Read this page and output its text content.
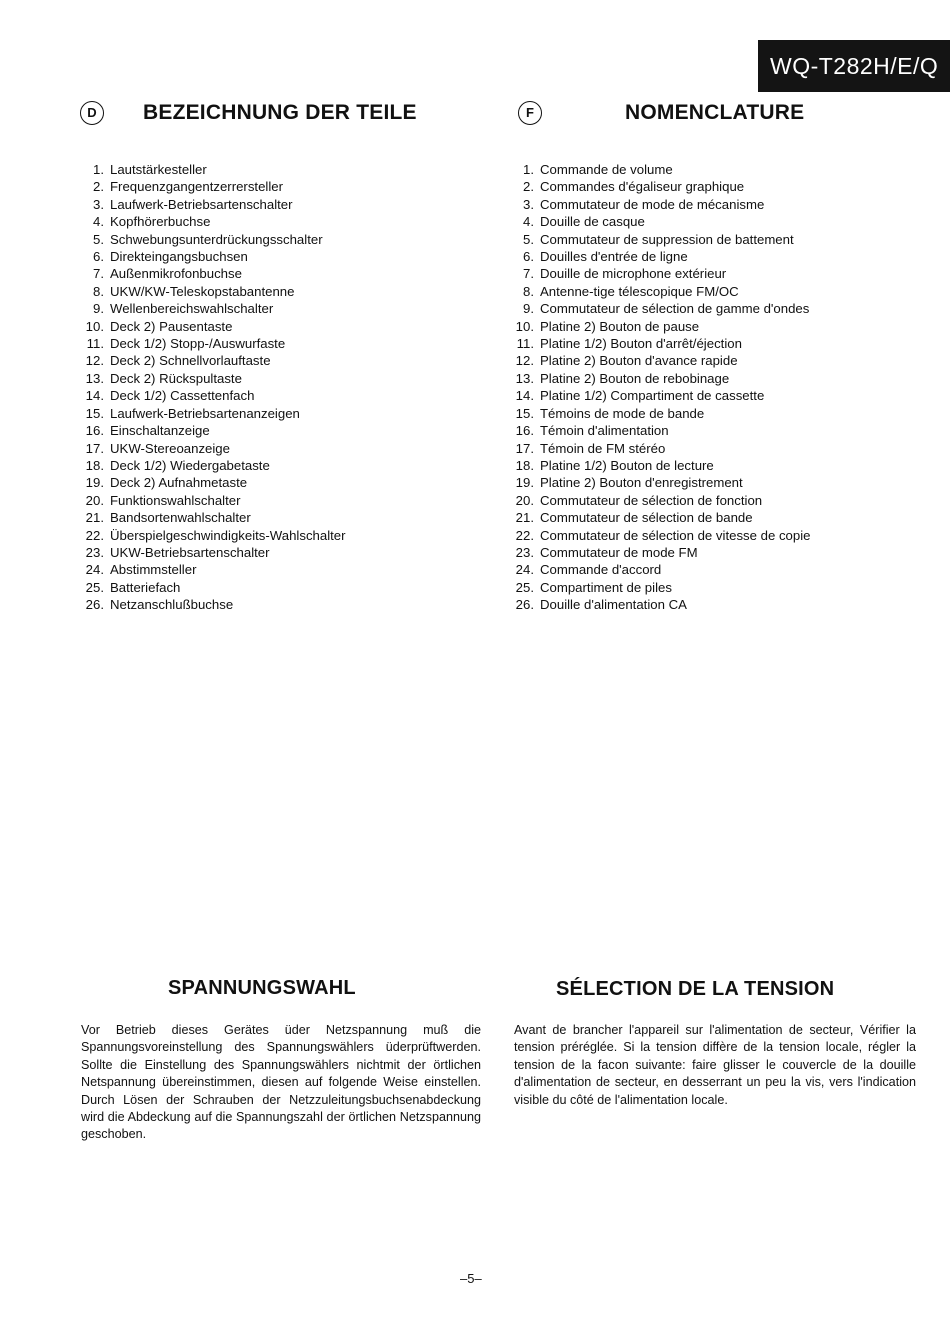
WQ-T282H/E/Q
D	BEZEICHNUNG DER TEILE	F	NOMENCLATURE
1. Lautstärkesteller
2. Frequenzgangentzerrersteller
3. Laufwerk-Betriebsartenschalter
4. Kopfhörerbuchse
5. Schwebungsunterdrückungsschalter
6. Direkteingangsbuchsen
7. Außenmikrofonbuchse
8. UKW/KW-Teleskopstabantenne
9. Wellenbereichswahlschalter
10. Deck 2) Pausentaste
11. Deck 1/2) Stopp-/Auswurfaste
12. Deck 2) Schnellvorlauftaste
13. Deck 2) Rückspultaste
14. Deck 1/2) Cassettenfach
15. Laufwerk-Betriebsartenanzeigen
16. Einschaltanzeige
17. UKW-Stereoanzeige
18. Deck 1/2) Wiedergabetaste
19. Deck 2) Aufnahmetaste
20. Funktionswahlschalter
21. Bandsortenwahlschalter
22. Überspielgeschwindigkeits-Wahlschalter
23. UKW-Betriebsartenschalter
24. Abstimmsteller
25. Batteriefach
26. Netzanschlußbuchse
1. Commande de volume
2. Commandes d'égaliseur graphique
3. Commutateur de mode de mécanisme
4. Douille de casque
5. Commutateur de suppression de battement
6. Douilles d'entrée de ligne
7. Douille de microphone extérieur
8. Antenne-tige télescopique FM/OC
9. Commutateur de sélection de gamme d'ondes
10. Platine 2) Bouton de pause
11. Platine 1/2) Bouton d'arrêt/éjection
12. Platine 2) Bouton d'avance rapide
13. Platine 2) Bouton de rebobinage
14. Platine 1/2) Compartiment de cassette
15. Témoins de mode de bande
16. Témoin d'alimentation
17. Témoin de FM stéréo
18. Platine 1/2) Bouton de lecture
19. Platine 2) Bouton d'enregistrement
20. Commutateur de sélection de fonction
21. Commutateur de sélection de bande
22. Commutateur de sélection de vitesse de copie
23. Commutateur de mode FM
24. Commande d'accord
25. Compartiment de piles
26. Douille d'alimentation CA
SPANNUNGSWAHL

Vor Betrieb dieses Gerätes üder Netzspannung muß die Spannungsvoreinstellung des Spannungswählers üderprüftwerden. Sollte die Einstellung des Spannungswählers nichtmit der örtlichen Netspannung übereinstimmen, diesen auf folgende Weise einstellen. Durch Lösen der Schrauben der Netzzuleitungsbuchsenabdeckung wird die Abdeckung auf die Spannungszahl der örtlichen Netzspannung geschoben.

SÉLECTION DE LA TENSION

Avant de brancher l'appareil sur l'alimentation de secteur, Vérifier la tension préréglée. Si la tension diffère de la tension locale, régler la tension de la facon suivante: faire glisser le couvercle de la douille d'alimentation de secteur, en desserrant un peu la vis, vers l'indication visible du côté de l'alimentation locale.

–5–
